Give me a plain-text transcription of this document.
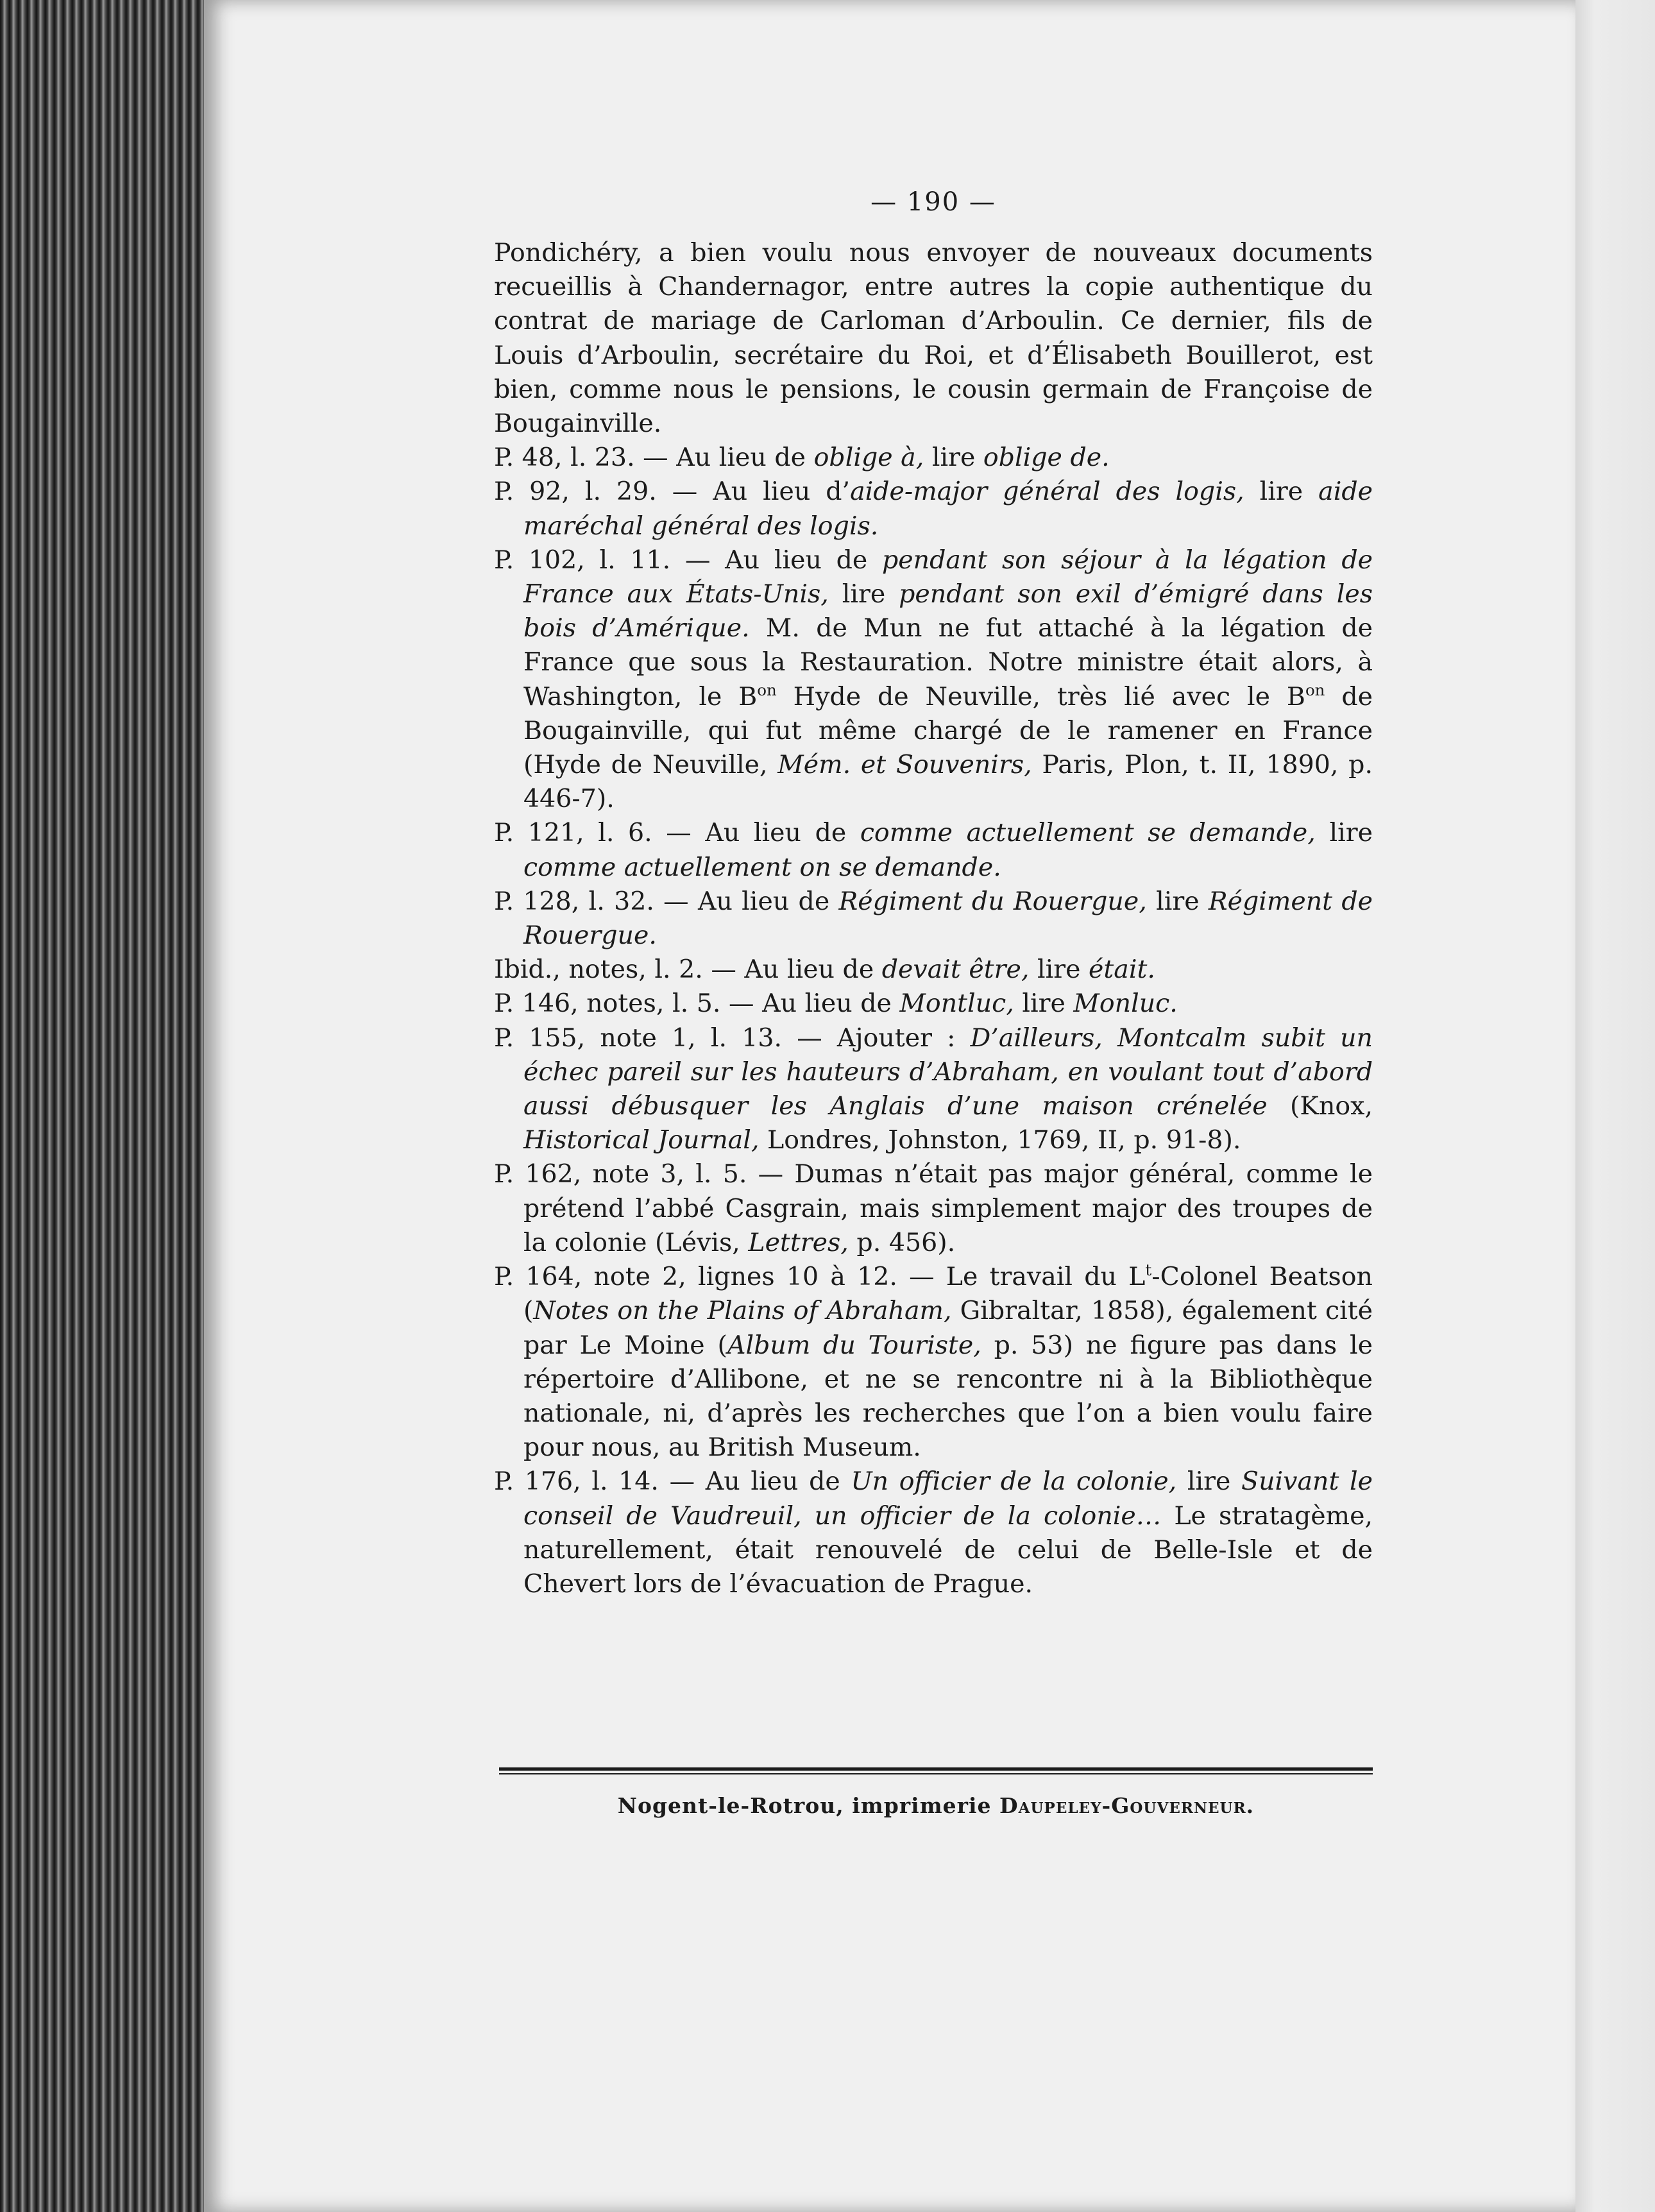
— 190 —

Pondichéry, a bien voulu nous envoyer de nouveaux documents recueillis à Chandernagor, entre autres la copie authentique du contrat de mariage de Carloman d’Arboulin. Ce dernier, fils de Louis d’Arboulin, secrétaire du Roi, et d’Élisabeth Bouillerot, est bien, comme nous le pensions, le cousin germain de Françoise de Bougainville.

P. 48, l. 23. — Au lieu de oblige à, lire oblige de.

P. 92, l. 29. — Au lieu d’aide-major général des logis, lire aide maréchal général des logis.

P. 102, l. 11. — Au lieu de pendant son séjour à la légation de France aux États-Unis, lire pendant son exil d’émigré dans les bois d’Amérique. M. de Mun ne fut attaché à la légation de France que sous la Restauration. Notre ministre était alors, à Washington, le $B^{on}$ Hyde de Neuville, très lié avec le $B^{on}$ de Bougainville, qui fut même chargé de le ramener en France (Hyde de Neuville, Mém. et Souvenirs, Paris, Plon, t. II, 1890, p. 446-7).

P. 121, l. 6. — Au lieu de comme actuellement se demande, lire comme actuellement on se demande.

P. 128, l. 32. — Au lieu de Régiment du Rouergue, lire Régiment de Rouergue.

Ibid., notes, l. 2. — Au lieu de devait être, lire était.

P. 146, notes, l. 5. — Au lieu de Montluc, lire Monluc.

P. 155, note 1, l. 13. — Ajouter : D’ailleurs, Montcalm subit un échec pareil sur les hauteurs d’Abraham, en voulant tout d’abord aussi débusquer les Anglais d’une maison crénelée (Knox, Historical Journal, Londres, Johnston, 1769, II, p. 91-8).

P. 162, note 3, l. 5. — Dumas n’était pas major général, comme le prétend l’abbé Casgrain, mais simplement major des troupes de la colonie (Lévis, Lettres, p. 456).

P. 164, note 2, lignes 10 à 12. — Le travail du $L^t$-Colonel Beatson (Notes on the Plains of Abraham, Gibraltar, 1858), également cité par Le Moine (Album du Touriste, p. 53) ne figure pas dans le répertoire d’Allibone, et ne se rencontre ni à la Bibliothèque nationale, ni, d’après les recherches que l’on a bien voulu faire pour nous, au British Museum.

P. 176, l. 14. — Au lieu de Un officier de la colonie, lire Suivant le conseil de Vaudreuil, un officier de la colonie… Le stratagème, naturellement, était renouvelé de celui de Belle-Isle et de Chevert lors de l’évacuation de Prague.

Nogent-le-Rotrou, imprimerie Daupeley-Gouverneur.
